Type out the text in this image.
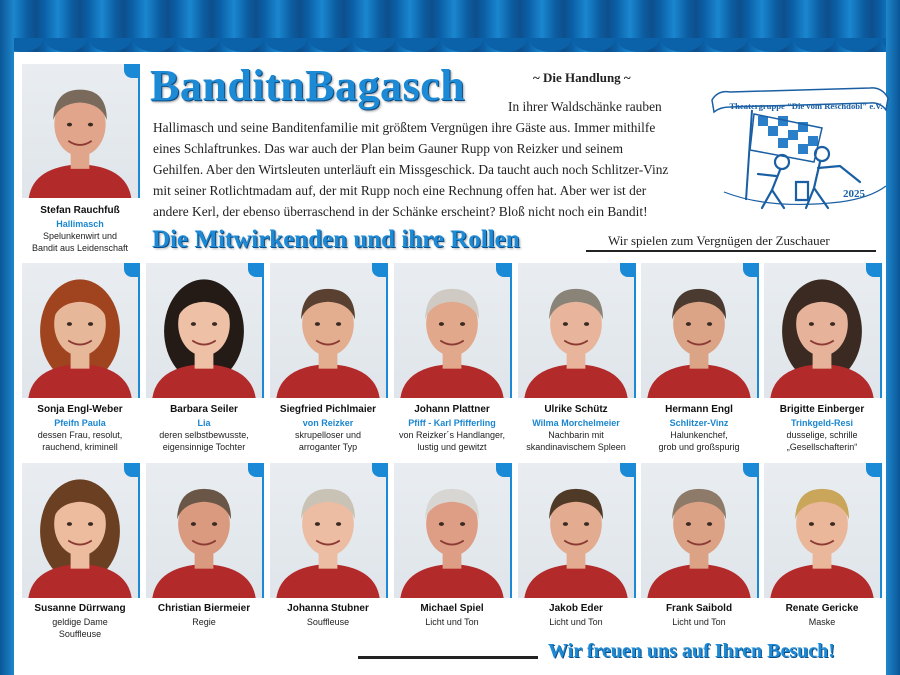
Stefan Rauchfuß
Hallimasch
Spelunkenwirt und
Bandit aus Leidenschaft
BanditnBagasch	~ Die Handlung ~
In ihrer Waldschänke rauben
Hallimasch und seine Banditenfamilie mit größtem Vergnügen ihre Gäste aus. Immer mithilfe
eines Schlaftrunkes. Das war auch der Plan beim Gauner Rupp von Reizker und seinem
Gehilfen. Aber den Wirtsleuten unterläuft ein Missgeschick. Da taucht auch noch Schlitzer-Vinz
mit seiner Rotlichtmadam auf, der mit Rupp noch eine Rechnung offen hat. Aber wer ist der
andere Kerl, der ebenso überraschend in der Schänke erscheint? Bloß nicht noch ein Bandit!
Theatergruppe "Die vom Reschdobl" e.V.
2025
Die Mitwirkenden und ihre Rollen	Wir spielen zum Vergnügen der Zuschauer
Sonja Engl-Weber
Pfeifn Paula
dessen Frau, resolut,
rauchend, kriminell
Barbara Seiler
Lia
deren selbstbewusste,
eigensinnige Tochter
Siegfried Pichlmaier
von Reizker
skrupelloser und
arroganter Typ
Johann Plattner
Pfiff - Karl Pfifferling
von Reizker´s Handlanger,
lustig und gewitzt
Ulrike Schütz
Wilma Morchelmeier
Nachbarin mit
skandinavischem Spleen
Hermann Engl
Schlitzer-Vinz
Halunkenchef,
grob und großspurig
Brigitte Einberger
Trinkgeld-Resi
dusselige, schrille
„Gesellschafterin“
Susanne Dürrwang
geldige Dame
Souffleuse
Christian Biermeier
Regie
Johanna Stubner
Souffleuse
Michael Spiel
Licht und Ton
Jakob Eder
Licht und Ton
Frank Saibold
Licht und Ton
Renate Gericke
Maske
Wir freuen uns auf Ihren Besuch!
